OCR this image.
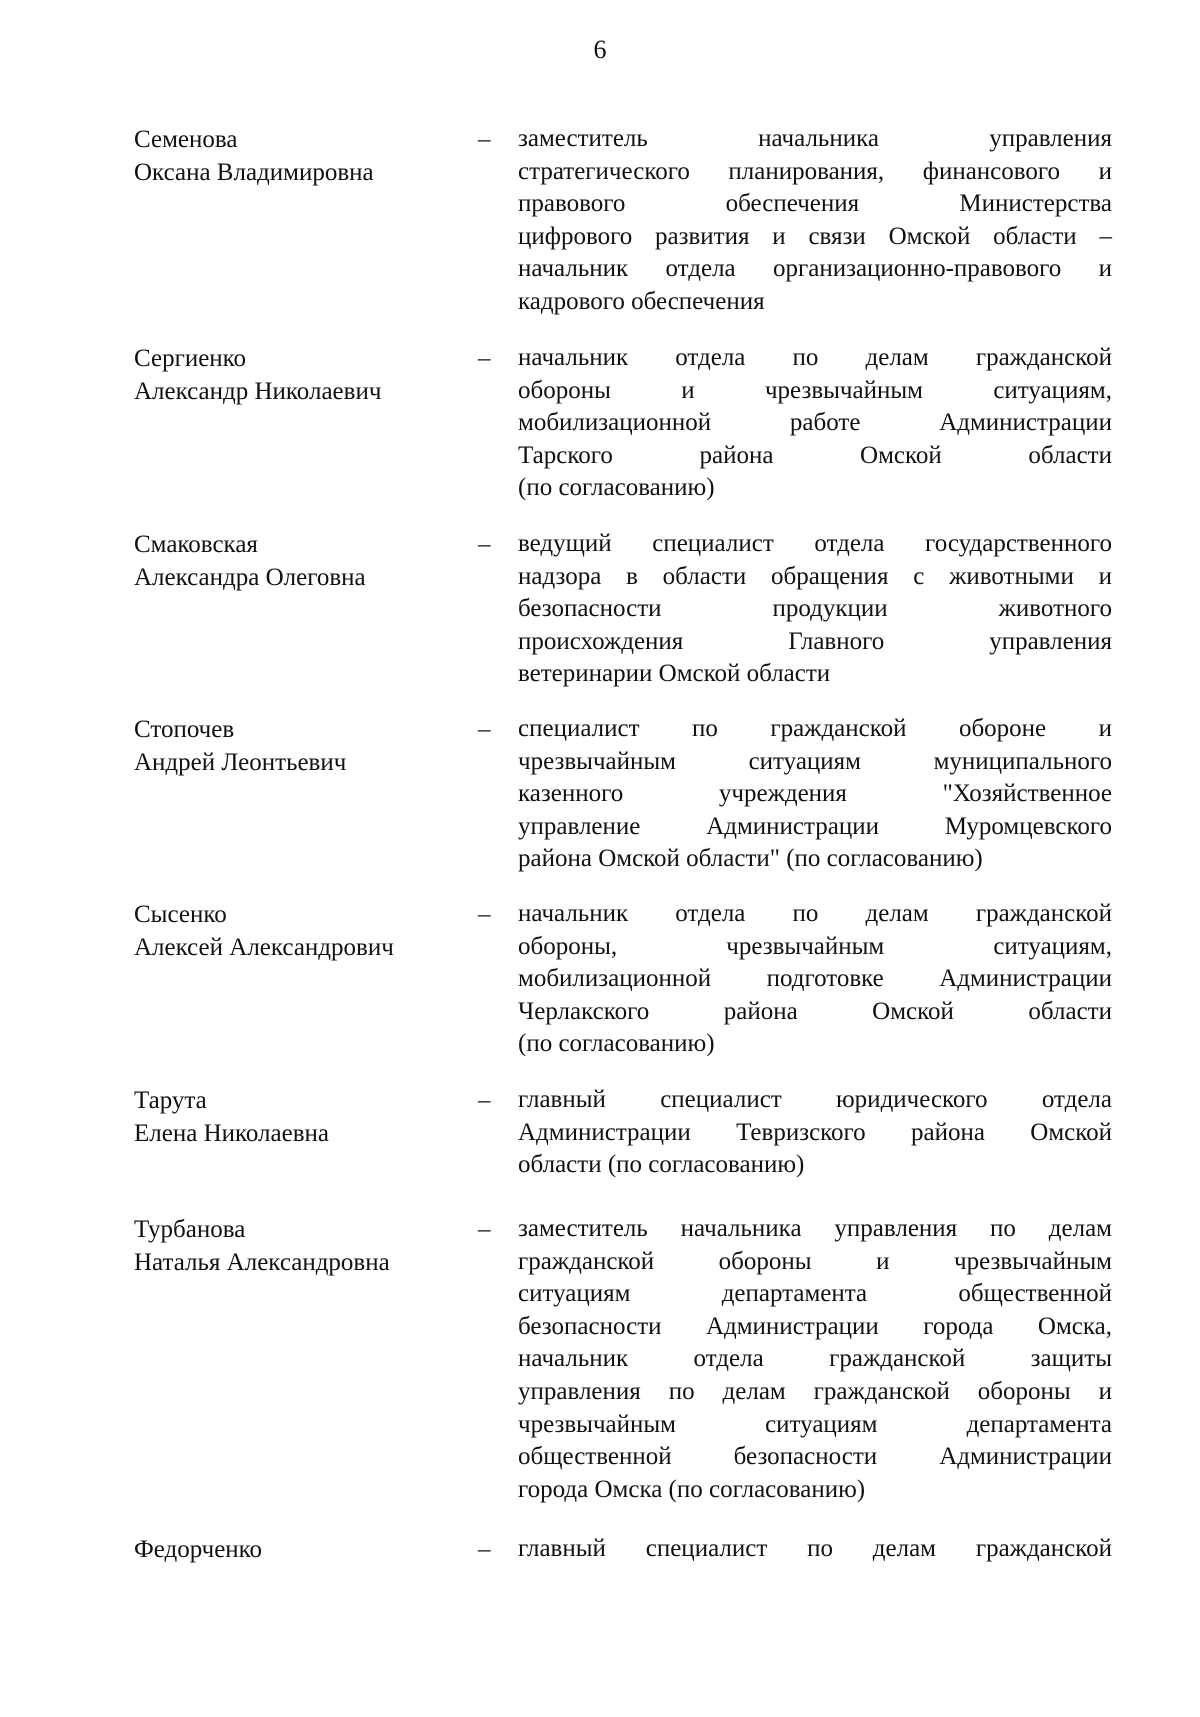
6
Семенова
Оксана Владимировна
– заместитель начальника управления
стратегического планирования, финансового и
правового обеспечения Министерства
цифрового развития и связи Омской области –
начальник отдела организационно-правового и
кадрового обеспечения
Сергиенко
Александр Николаевич
– начальник отдела по делам гражданской
обороны и чрезвычайным ситуациям,
мобилизационной работе Администрации
Тарского района Омской области
(по согласованию)
Смаковская
Александра Олеговна
– ведущий специалист отдела государственного
надзора в области обращения с животными и
безопасности продукции животного
происхождения Главного управления
ветеринарии Омской области
Стопочев
Андрей Леонтьевич
– специалист по гражданской обороне и
чрезвычайным ситуациям муниципального
казенного учреждения "Хозяйственное
управление Администрации Муромцевского
района Омской области" (по согласованию)
Сысенко
Алексей Александрович
– начальник отдела по делам гражданской
обороны, чрезвычайным ситуациям,
мобилизационной подготовке Администрации
Черлакского района Омской области
(по согласованию)
Тарута
Елена Николаевна
– главный специалист юридического отдела
Администрации Тевризского района Омской
области (по согласованию)
Турбанова
Наталья Александровна
– заместитель начальника управления по делам
гражданской обороны и чрезвычайным
ситуациям департамента общественной
безопасности Администрации города Омска,
начальник отдела гражданской защиты
управления по делам гражданской обороны и
чрезвычайным ситуациям департамента
общественной безопасности Администрации
города Омска (по согласованию)
Федорченко	– главный специалист по делам гражданской
